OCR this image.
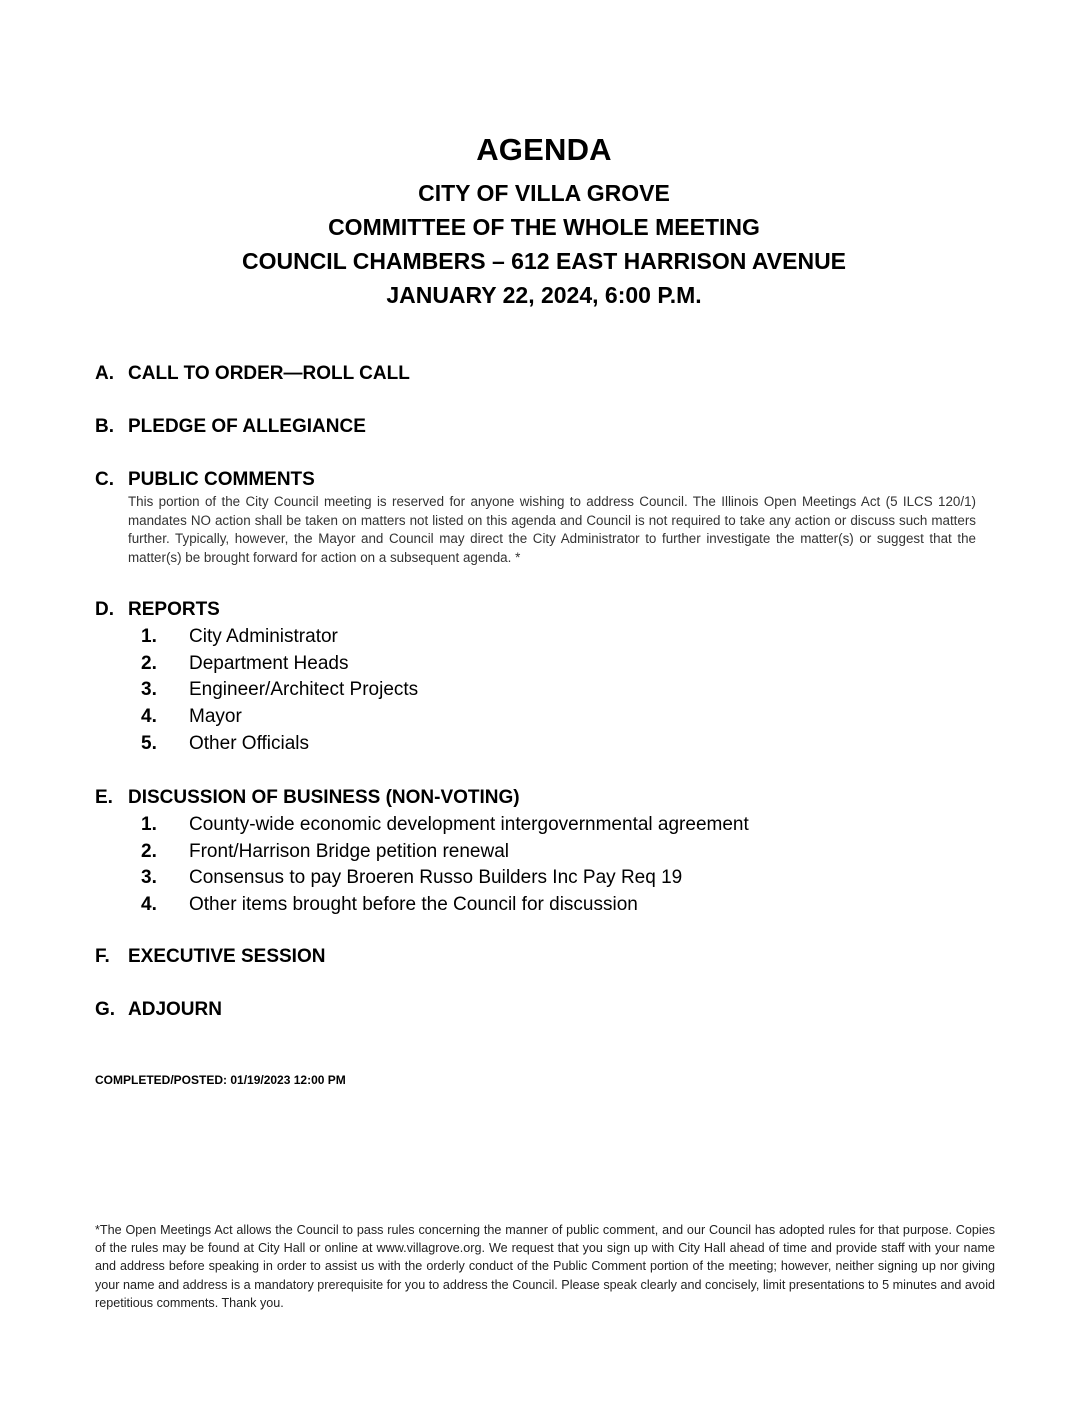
AGENDA
CITY OF VILLA GROVE
COMMITTEE OF THE WHOLE MEETING
COUNCIL CHAMBERS – 612 EAST HARRISON AVENUE
JANUARY 22, 2024, 6:00 P.M.
A. CALL TO ORDER—ROLL CALL
B. PLEDGE OF ALLEGIANCE
C. PUBLIC COMMENTS
This portion of the City Council meeting is reserved for anyone wishing to address Council. The Illinois Open Meetings Act (5 ILCS 120/1) mandates NO action shall be taken on matters not listed on this agenda and Council is not required to take any action or discuss such matters further. Typically, however, the Mayor and Council may direct the City Administrator to further investigate the matter(s) or suggest that the matter(s) be brought forward for action on a subsequent agenda. *
D. REPORTS
1. City Administrator
2. Department Heads
3. Engineer/Architect Projects
4. Mayor
5. Other Officials
E. DISCUSSION OF BUSINESS (NON-VOTING)
1. County-wide economic development intergovernmental agreement
2. Front/Harrison Bridge petition renewal
3. Consensus to pay Broeren Russo Builders Inc Pay Req 19
4. Other items brought before the Council for discussion
F. EXECUTIVE SESSION
G. ADJOURN
COMPLETED/POSTED: 01/19/2023 12:00 PM
*The Open Meetings Act allows the Council to pass rules concerning the manner of public comment, and our Council has adopted rules for that purpose. Copies of the rules may be found at City Hall or online at www.villagrove.org. We request that you sign up with City Hall ahead of time and provide staff with your name and address before speaking in order to assist us with the orderly conduct of the Public Comment portion of the meeting; however, neither signing up nor giving your name and address is a mandatory prerequisite for you to address the Council. Please speak clearly and concisely, limit presentations to 5 minutes and avoid repetitious comments. Thank you.
